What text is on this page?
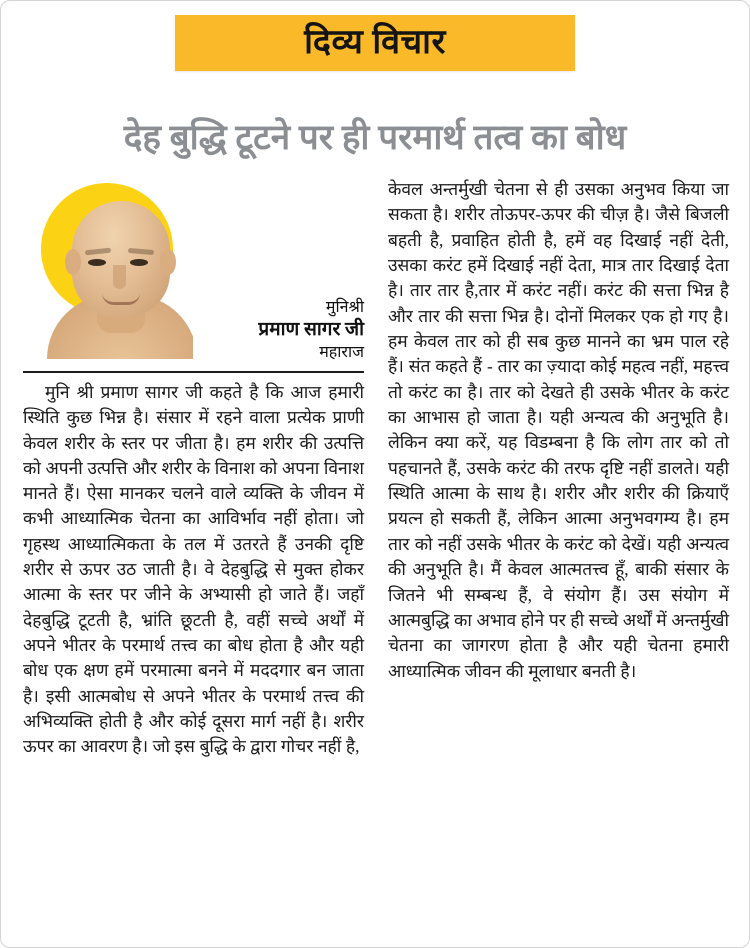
दिव्य विचार
देह बुद्धि टूटने पर ही परमार्थ तत्व का बोध
मुनिश्री
प्रमाण सागर जी
महाराज

मुनि श्री प्रमाण सागर जी कहते है कि आज हमारी स्थिति कुछ भिन्न है। संसार में रहने वाला प्रत्येक प्राणी केवल शरीर के स्तर पर जीता है। हम शरीर की उत्पत्ति को अपनी उत्पत्ति और शरीर के विनाश को अपना विनाश मानते हैं। ऐसा मानकर चलने वाले व्यक्ति के जीवन में कभी आध्यात्मिक चेतना का आविर्भाव नहीं होता। जो गृहस्थ आध्यात्मिकता के तल में उतरते हैं उनकी दृष्टि शरीर से ऊपर उठ जाती है। वे देहबुद्धि से मुक्त होकर आत्मा के स्तर पर जीने के अभ्यासी हो जाते हैं। जहाँ देहबुद्धि टूटती है, भ्रांति छूटती है, वहीं सच्चे अर्थों में अपने भीतर के परमार्थ तत्त्व का बोध होता है और यही बोध एक क्षण हमें परमात्मा बनने में मददगार बन जाता है। इसी आत्मबोध से अपने भीतर के परमार्थ तत्त्व की अभिव्यक्ति होती है और कोई दूसरा मार्ग नहीं है। शरीर ऊपर का आवरण है। जो इस बुद्धि के द्वारा गोचर नहीं है,

केवल अन्तर्मुखी चेतना से ही उसका अनुभव किया जा सकता है। शरीर तोऊपर-ऊपर की चीज़ है। जैसे बिजली बहती है, प्रवाहित होती है, हमें वह दिखाई नहीं देती, उसका करंट हमें दिखाई नहीं देता, मात्र तार दिखाई देता है। तार तार है,तार में करंट नहीं। करंट की सत्ता भिन्न है और तार की सत्ता भिन्न है। दोनों मिलकर एक हो गए है। हम केवल तार को ही सब कुछ मानने का भ्रम पाल रहे हैं। संत कहते हैं - तार का ज़्यादा कोई महत्व नहीं, महत्त्व तो करंट का है। तार को देखते ही उसके भीतर के करंट का आभास हो जाता है। यही अन्यत्व की अनुभूति है। लेकिन क्या करें, यह विडम्बना है कि लोग तार को तो पहचानते हैं, उसके करंट की तरफ दृष्टि नहीं डालते। यही स्थिति आत्मा के साथ है। शरीर और शरीर की क्रियाएँ प्रयत्न हो सकती हैं, लेकिन आत्मा अनुभवगम्य है। हम तार को नहीं उसके भीतर के करंट को देखें। यही अन्यत्व की अनुभूति है। मैं केवल आत्मतत्त्व हूँ, बाकी संसार के जितने भी सम्बन्ध हैं, वे संयोग हैं। उस संयोग में आत्मबुद्धि का अभाव होने पर ही सच्चे अर्थों में अन्तर्मुखी चेतना का जागरण होता है और यही चेतना हमारी आध्यात्मिक जीवन की मूलाधार बनती है।
